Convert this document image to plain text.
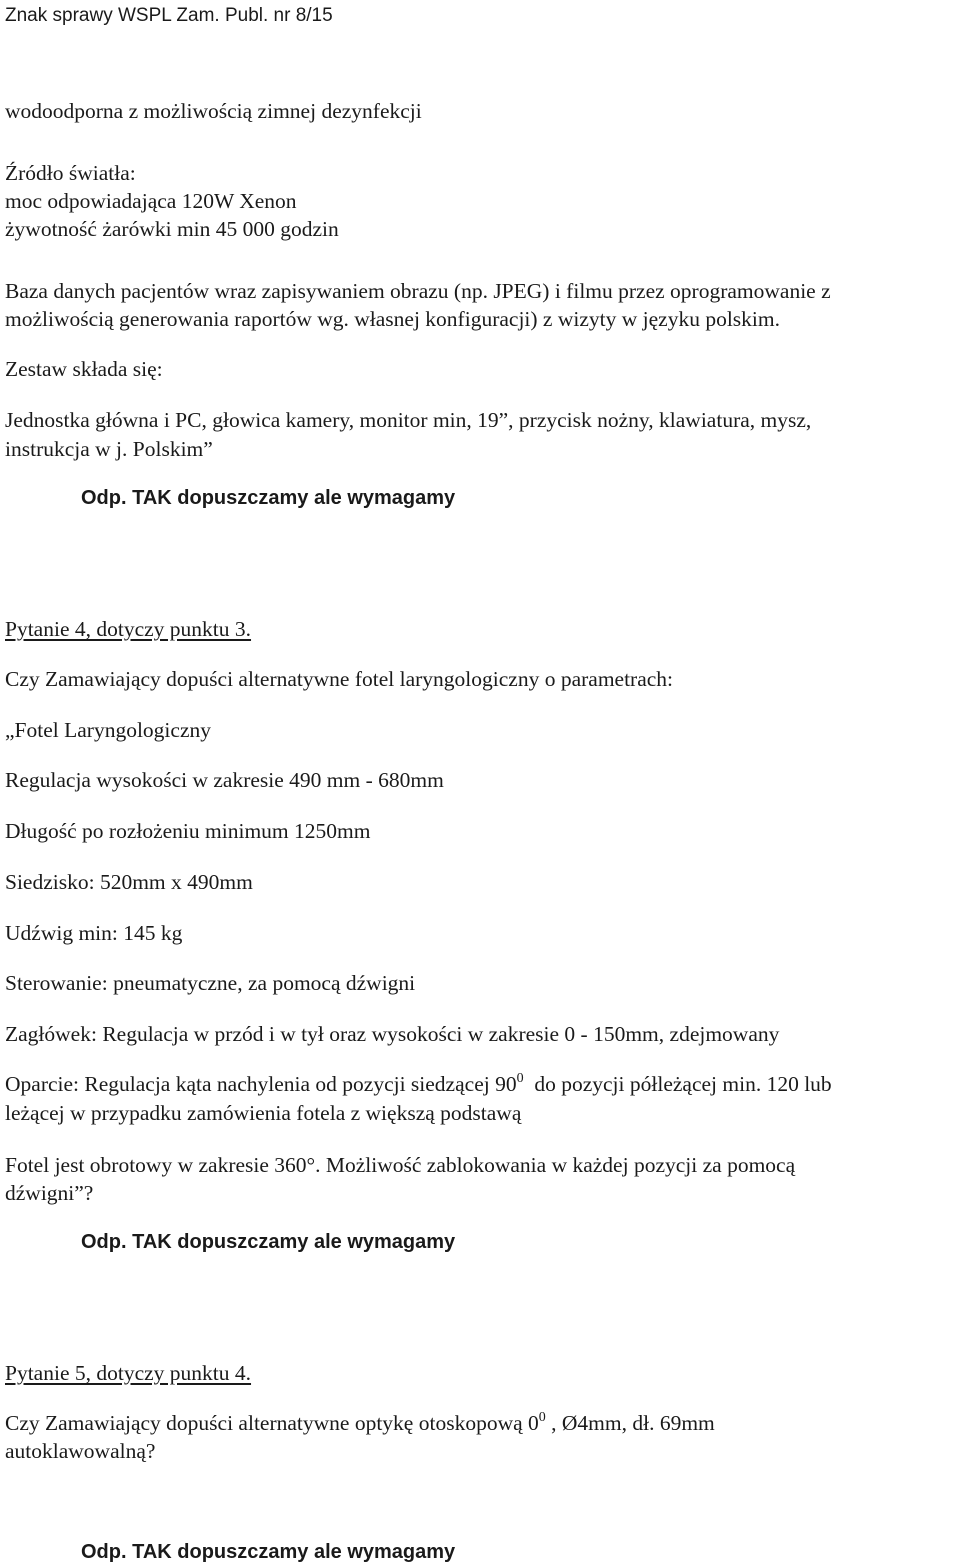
Znak sprawy WSPL Zam. Publ. nr 8/15
wodoodporna z możliwością zimnej dezynfekcji
Źródło światła:
moc odpowiadająca 120W Xenon
żywotność żarówki min 45 000 godzin
Baza danych pacjentów wraz zapisywaniem obrazu (np. JPEG) i filmu przez oprogramowanie z
możliwością generowania raportów wg. własnej konfiguracji) z wizyty w języku polskim.
Zestaw składa się:
Jednostka główna i PC, głowica kamery, monitor min, 19”, przycisk nożny, klawiatura, mysz,
instrukcja w j. Polskim”
Odp. TAK dopuszczamy ale wymagamy
Pytanie 4, dotyczy punktu 3.
Czy Zamawiający dopuści alternatywne fotel laryngologiczny o parametrach:
„Fotel Laryngologiczny
Regulacja wysokości w zakresie 490 mm - 680mm
Długość po rozłożeniu minimum 1250mm
Siedzisko: 520mm x 490mm
Udźwig min: 145 kg
Sterowanie: pneumatyczne, za pomocą dźwigni
Zagłówek: Regulacja w przód i w tył oraz wysokości w zakresie 0 - 150mm, zdejmowany
Oparcie: Regulacja kąta nachylenia od pozycji siedzącej $90^0$  do pozycji półleżącej min. 120 lub
leżącej w przypadku zamówienia fotela z większą podstawą
Fotel jest obrotowy w zakresie 360°. Możliwość zablokowania w każdej pozycji za pomocą
dźwigni”?
Odp. TAK dopuszczamy ale wymagamy
Pytanie 5, dotyczy punktu 4.
Czy Zamawiający dopuści alternatywne optykę otoskopową $0^0$ , Ø4mm, dł. 69mm
autoklawowalną?
Odp. TAK dopuszczamy ale wymagamy
